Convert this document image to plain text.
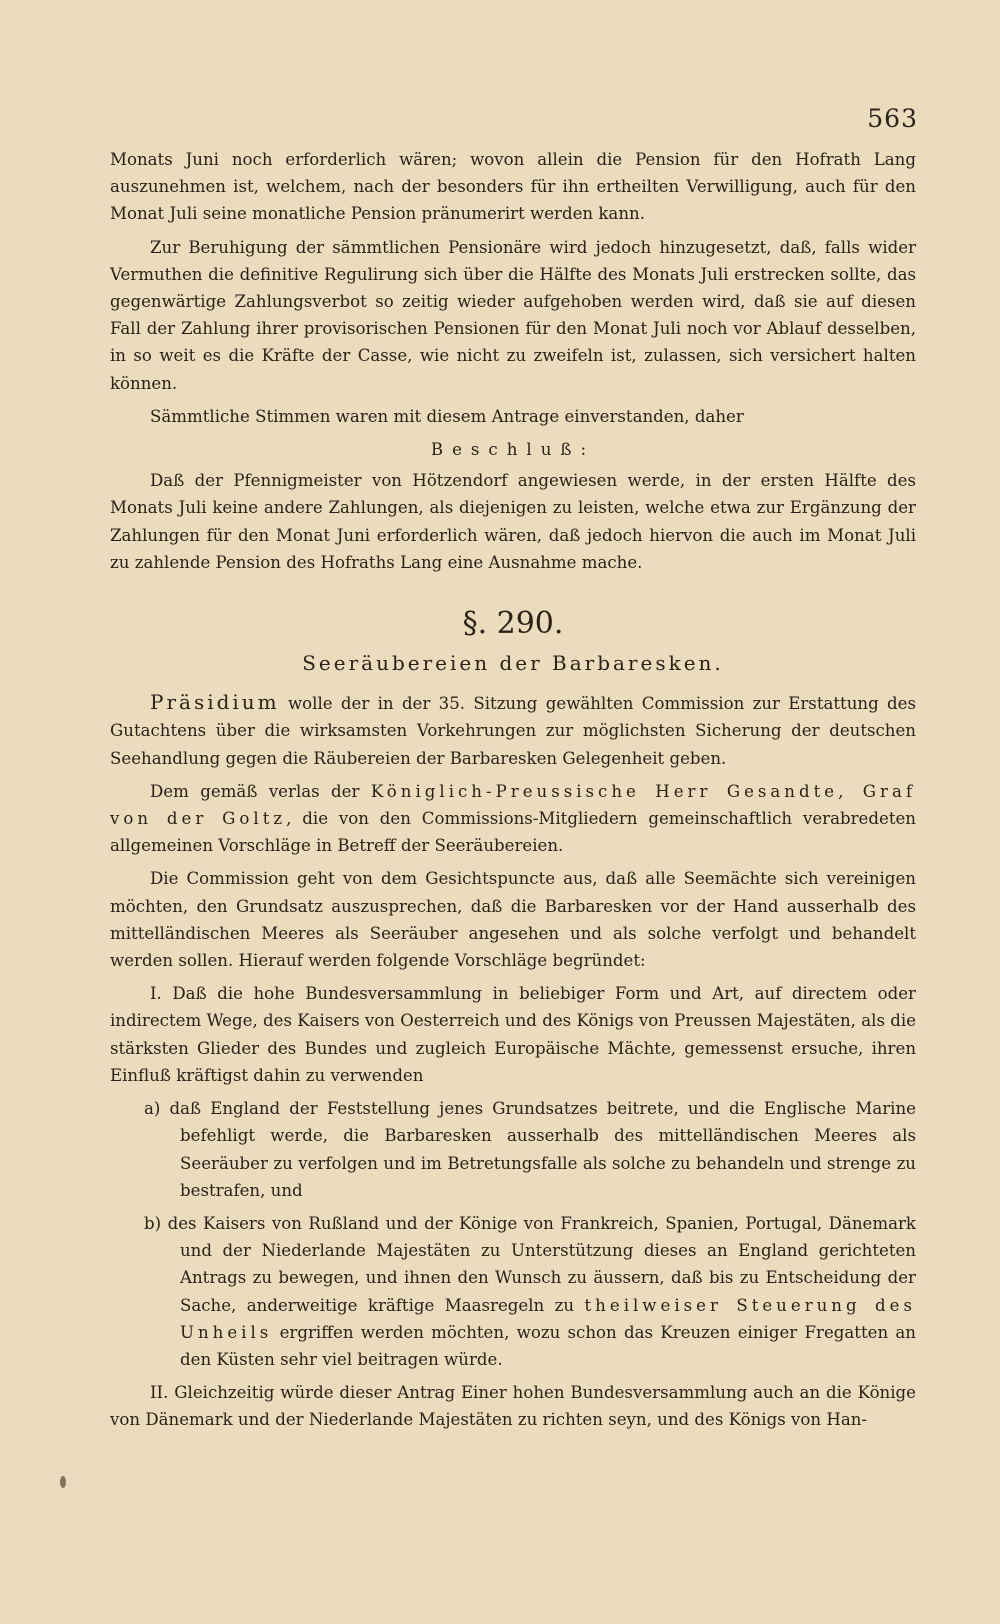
563

Monats Juni noch erforderlich wären; wovon allein die Pension für den Hofrath Lang auszunehmen ist, welchem, nach der besonders für ihn ertheilten Verwilligung, auch für den Monat Juli seine monatliche Pension pränumerirt werden kann.

Zur Beruhigung der sämmtlichen Pensionäre wird jedoch hinzugesetzt, daß, falls wider Vermuthen die definitive Regulirung sich über die Hälfte des Monats Juli erstrecken sollte, das gegenwärtige Zahlungsverbot so zeitig wieder aufgehoben werden wird, daß sie auf diesen Fall der Zahlung ihrer provisorischen Pensionen für den Monat Juli noch vor Ablauf desselben, in so weit es die Kräfte der Casse, wie nicht zu zweifeln ist, zulassen, sich versichert halten können.

Sämmtliche Stimmen waren mit diesem Antrage einverstanden, daher

Beschluß:

Daß der Pfennigmeister von Hötzendorf angewiesen werde, in der ersten Hälfte des Monats Juli keine andere Zahlungen, als diejenigen zu leisten, welche etwa zur Ergänzung der Zahlungen für den Monat Juni erforderlich wären, daß jedoch hiervon die auch im Monat Juli zu zahlende Pension des Hofraths Lang eine Ausnahme mache.

§. 290.
Seeräubereien der Barbaresken.

Präsidium wolle der in der 35. Sitzung gewählten Commission zur Erstattung des Gutachtens über die wirksamsten Vorkehrungen zur möglichsten Sicherung der deutschen Seehandlung gegen die Räubereien der Barbaresken Gelegenheit geben.

Dem gemäß verlas der Königlich-Preussische Herr Gesandte, Graf von der Goltz, die von den Commissions-Mitgliedern gemeinschaftlich verabredeten allgemeinen Vorschläge in Betreff der Seeräubereien.

Die Commission geht von dem Gesichtspuncte aus, daß alle Seemächte sich vereinigen möchten, den Grundsatz auszusprechen, daß die Barbaresken vor der Hand ausserhalb des mittelländischen Meeres als Seeräuber angesehen und als solche verfolgt und behandelt werden sollen. Hierauf werden folgende Vorschläge begründet:

I. Daß die hohe Bundesversammlung in beliebiger Form und Art, auf directem oder indirectem Wege, des Kaisers von Oesterreich und des Königs von Preussen Majestäten, als die stärksten Glieder des Bundes und zugleich Europäische Mächte, gemessenst ersuche, ihren Einfluß kräftigst dahin zu verwenden

a) daß England der Feststellung jenes Grundsatzes beitrete, und die Englische Marine befehligt werde, die Barbaresken ausserhalb des mittelländischen Meeres als Seeräuber zu verfolgen und im Betretungsfalle als solche zu behandeln und strenge zu bestrafen, und

b) des Kaisers von Rußland und der Könige von Frankreich, Spanien, Portugal, Dänemark und der Niederlande Majestäten zu Unterstützung dieses an England gerichteten Antrags zu bewegen, und ihnen den Wunsch zu äussern, daß bis zu Entscheidung der Sache, anderweitige kräftige Maasregeln zu theilweiser Steuerung des Unheils ergriffen werden möchten, wozu schon das Kreuzen einiger Fregatten an den Küsten sehr viel beitragen würde.

II. Gleichzeitig würde dieser Antrag Einer hohen Bundesversammlung auch an die Könige von Dänemark und der Niederlande Majestäten zu richten seyn, und des Königs von Han-
